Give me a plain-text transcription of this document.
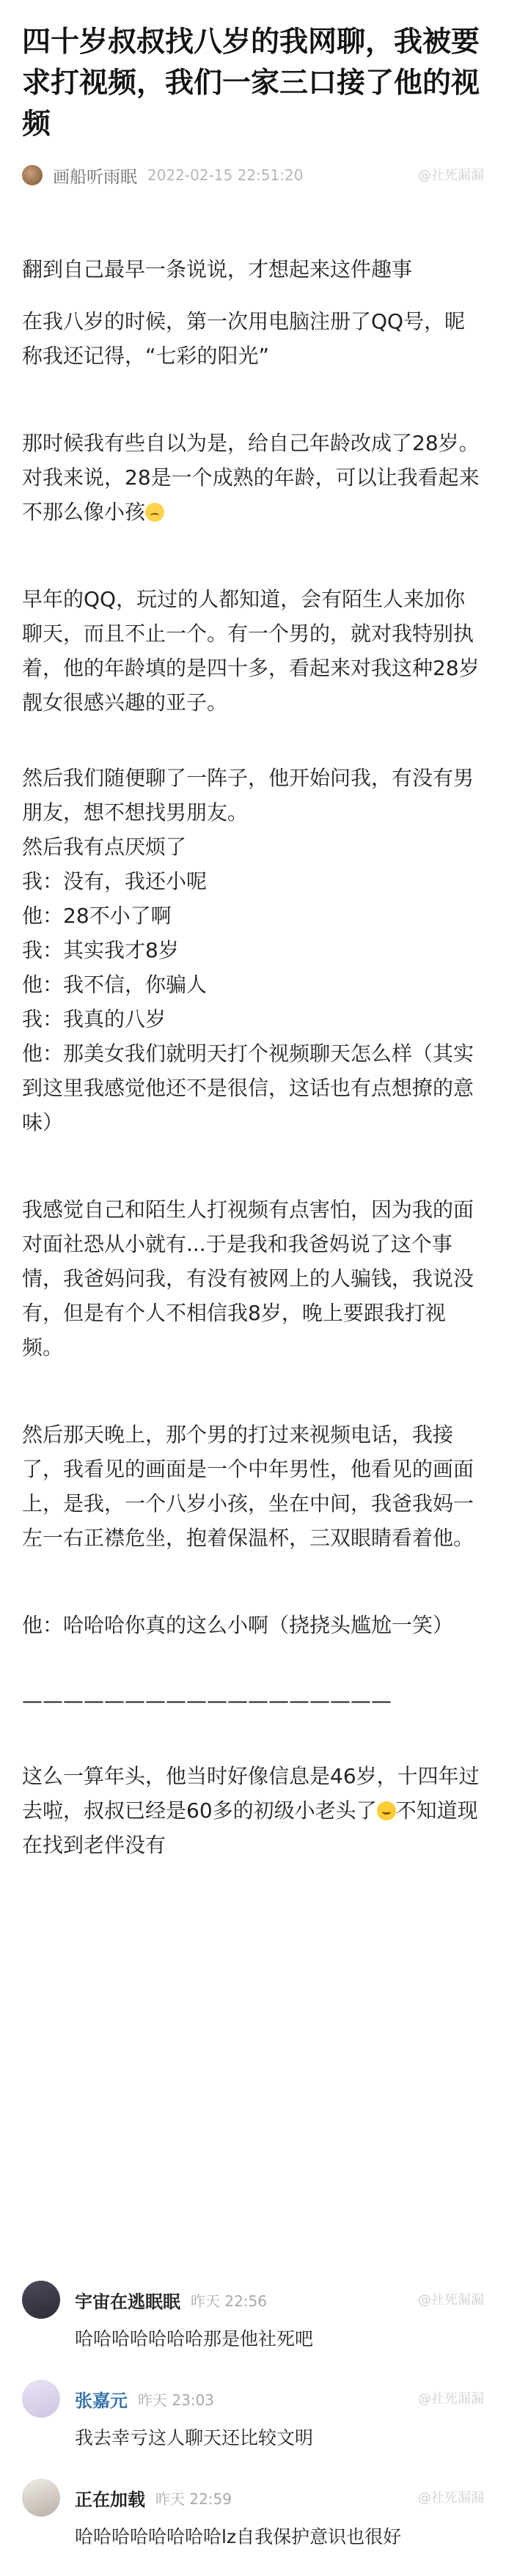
四十岁叔叔找八岁的我网聊，我被要求打视频，我们一家三口接了他的视频
画船听雨眠 2022-02-15 22:51:20	@社死漏漏

翻到自己最早一条说说，才想起来这件趣事

在我八岁的时候，第一次用电脑注册了QQ号，昵称我还记得，“七彩的阳光”

那时候我有些自以为是，给自己年龄改成了28岁。对我来说，28是一个成熟的年龄，可以让我看起来不那么像小孩

早年的QQ，玩过的人都知道，会有陌生人来加你聊天，而且不止一个。有一个男的，就对我特别执着，他的年龄填的是四十多，看起来对我这种28岁靓女很感兴趣的亚子。

然后我们随便聊了一阵子，他开始问我，有没有男朋友，想不想找男朋友。

然后我有点厌烦了

我：没有，我还小呢

他：28不小了啊

我：其实我才8岁

他：我不信，你骗人

我：我真的八岁

他：那美女我们就明天打个视频聊天怎么样（其实到这里我感觉他还不是很信，这话也有点想撩的意味）

我感觉自己和陌生人打视频有点害怕，因为我的面对面社恐从小就有...于是我和我爸妈说了这个事情，我爸妈问我，有没有被网上的人骗钱，我说没有，但是有个人不相信我8岁，晚上要跟我打视频。

然后那天晚上，那个男的打过来视频电话，我接了，我看见的画面是一个中年男性，他看见的画面上，是我，一个八岁小孩，坐在中间，我爸我妈一左一右正襟危坐，抱着保温杯，三双眼睛看着他。

他：哈哈哈你真的这么小啊（挠挠头尴尬一笑）

——————————————————

这么一算年头，他当时好像信息是46岁，十四年过去啦，叔叔已经是60多的初级小老头了 不知道现在找到老伴没有

宇宙在逃眠眠 昨天 22:56

哈哈哈哈哈哈哈那是他社死吧

@社死漏漏
张嘉元 昨天 23:03

我去幸亏这人聊天还比较文明

@社死漏漏
正在加载 昨天 22:59

哈哈哈哈哈哈哈哈lz自我保护意识也很好

@社死漏漏
